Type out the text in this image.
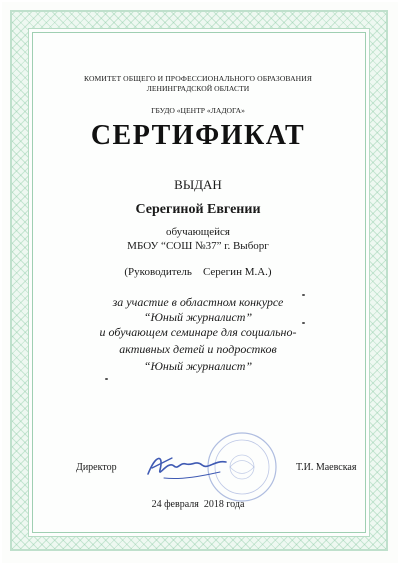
КОМИТЕТ ОБЩЕГО И ПРОФЕССИОНАЛЬНОГО ОБРАЗОВАНИЯ
ЛЕНИНГРАДСКОЙ ОБЛАСТИ
ГБУДО «ЦЕНТР «ЛАДОГА»
СЕРТИФИКАТ
ВЫДАН
Серегиной Евгении
обучающейся
МБОУ “СОШ №37” г. Выборг
(Руководитель    Серегин М.А.)
за участие в областном конкурсе
“Юный журналист”
и обучающем семинаре для социально-
активных детей и подростков
“Юный журналист”
Директор	Т.И. Маевская
24 февраля  2018 года
